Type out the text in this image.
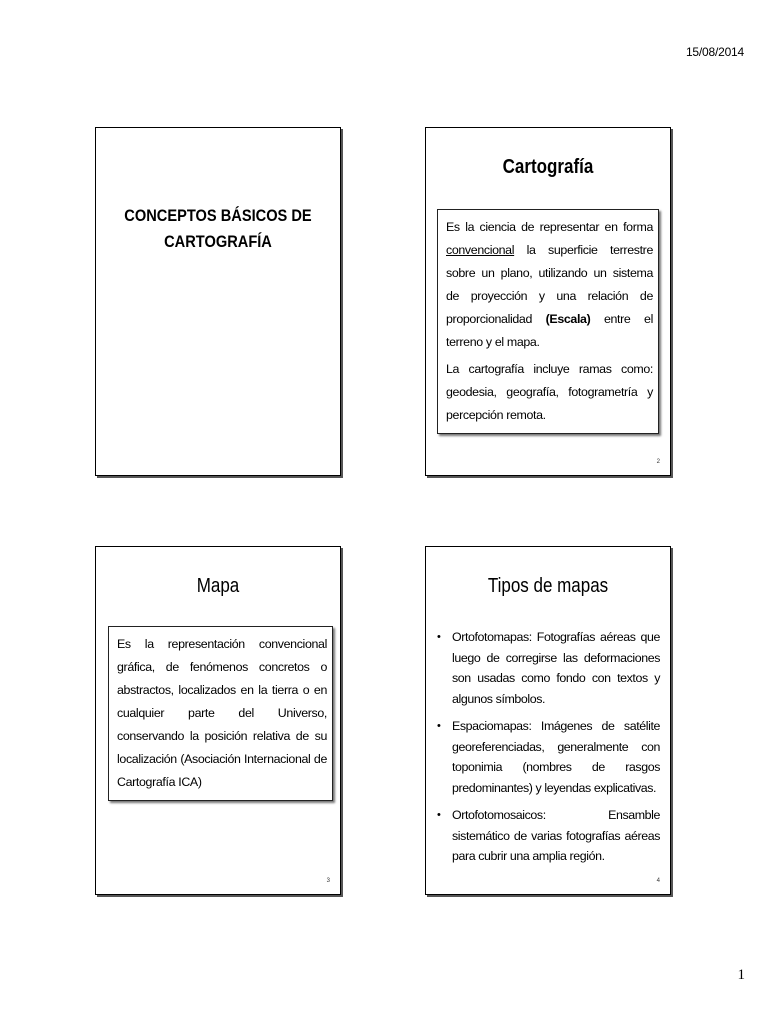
15/08/2014
CONCEPTOS BÁSICOS DE
CARTOGRAFÍA
Cartografía

Es la ciencia de representar en forma convencional la superficie terrestre sobre un plano, utilizando un sistema de proyección y una relación de proporcionalidad (Escala) entre el terreno y el mapa.

La cartografía incluye ramas como: geodesia, geografía, fotogrametría y percepción remota.

2
Mapa

Es la representación convencional gráfica, de fenómenos concretos o abstractos, localizados en la tierra o en cualquier parte del Universo, conservando la posición relativa de su localización (Asociación Internacional de Cartografía ICA)

3
Tipos de mapas
• Ortofotomapas: Fotografías aéreas que luego de corregirse las deformaciones son usadas como fondo con textos y algunos símbolos.
• Espaciomapas: Imágenes de satélite georeferenciadas, generalmente con toponimia (nombres de rasgos predominantes) y leyendas explicativas.
• Ortofotomosaicos: Ensamble sistemático de varias fotografías aéreas para cubrir una amplia región.
4
1
